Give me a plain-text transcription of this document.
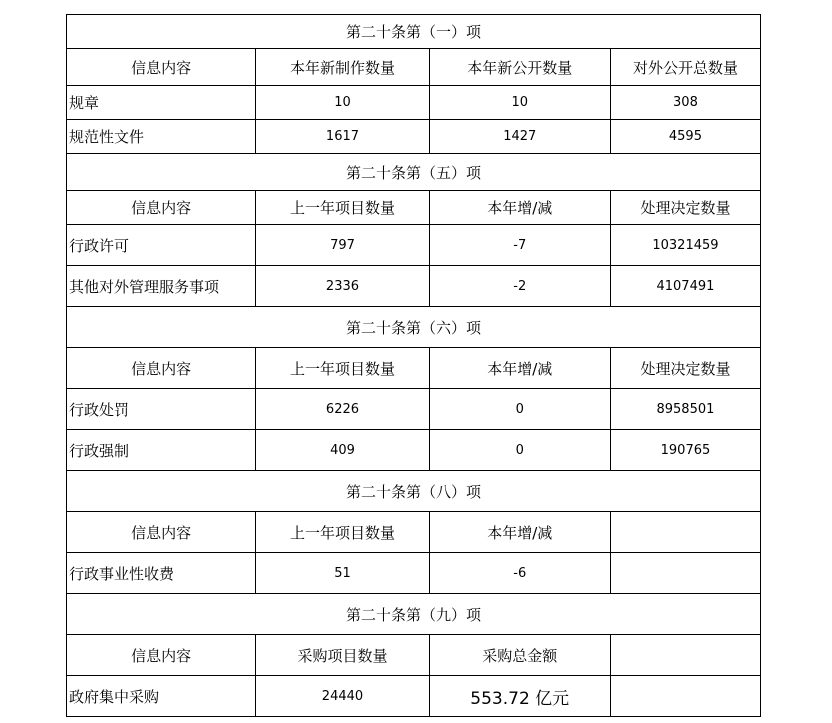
第二十条第（一）项			
信息内容	本年新制作数量	本年新公开数量	对外公开总数量
规章	10	10	308
规范性文件	1617	1427	4595
第二十条第（五）项			
信息内容	上一年项目数量	本年增/减	处理决定数量
行政许可	797	-7	10321459
其他对外管理服务事项	2336	-2	4107491
第二十条第（六）项			
信息内容	上一年项目数量	本年增/减	处理决定数量
行政处罚	6226	0	8958501
行政强制	409	0	190765
第二十条第（八）项			
信息内容	上一年项目数量	本年增/减	
行政事业性收费	51	-6	
第二十条第（九）项			
信息内容	采购项目数量	采购总金额	
政府集中采购	24440	553.72 亿元	
